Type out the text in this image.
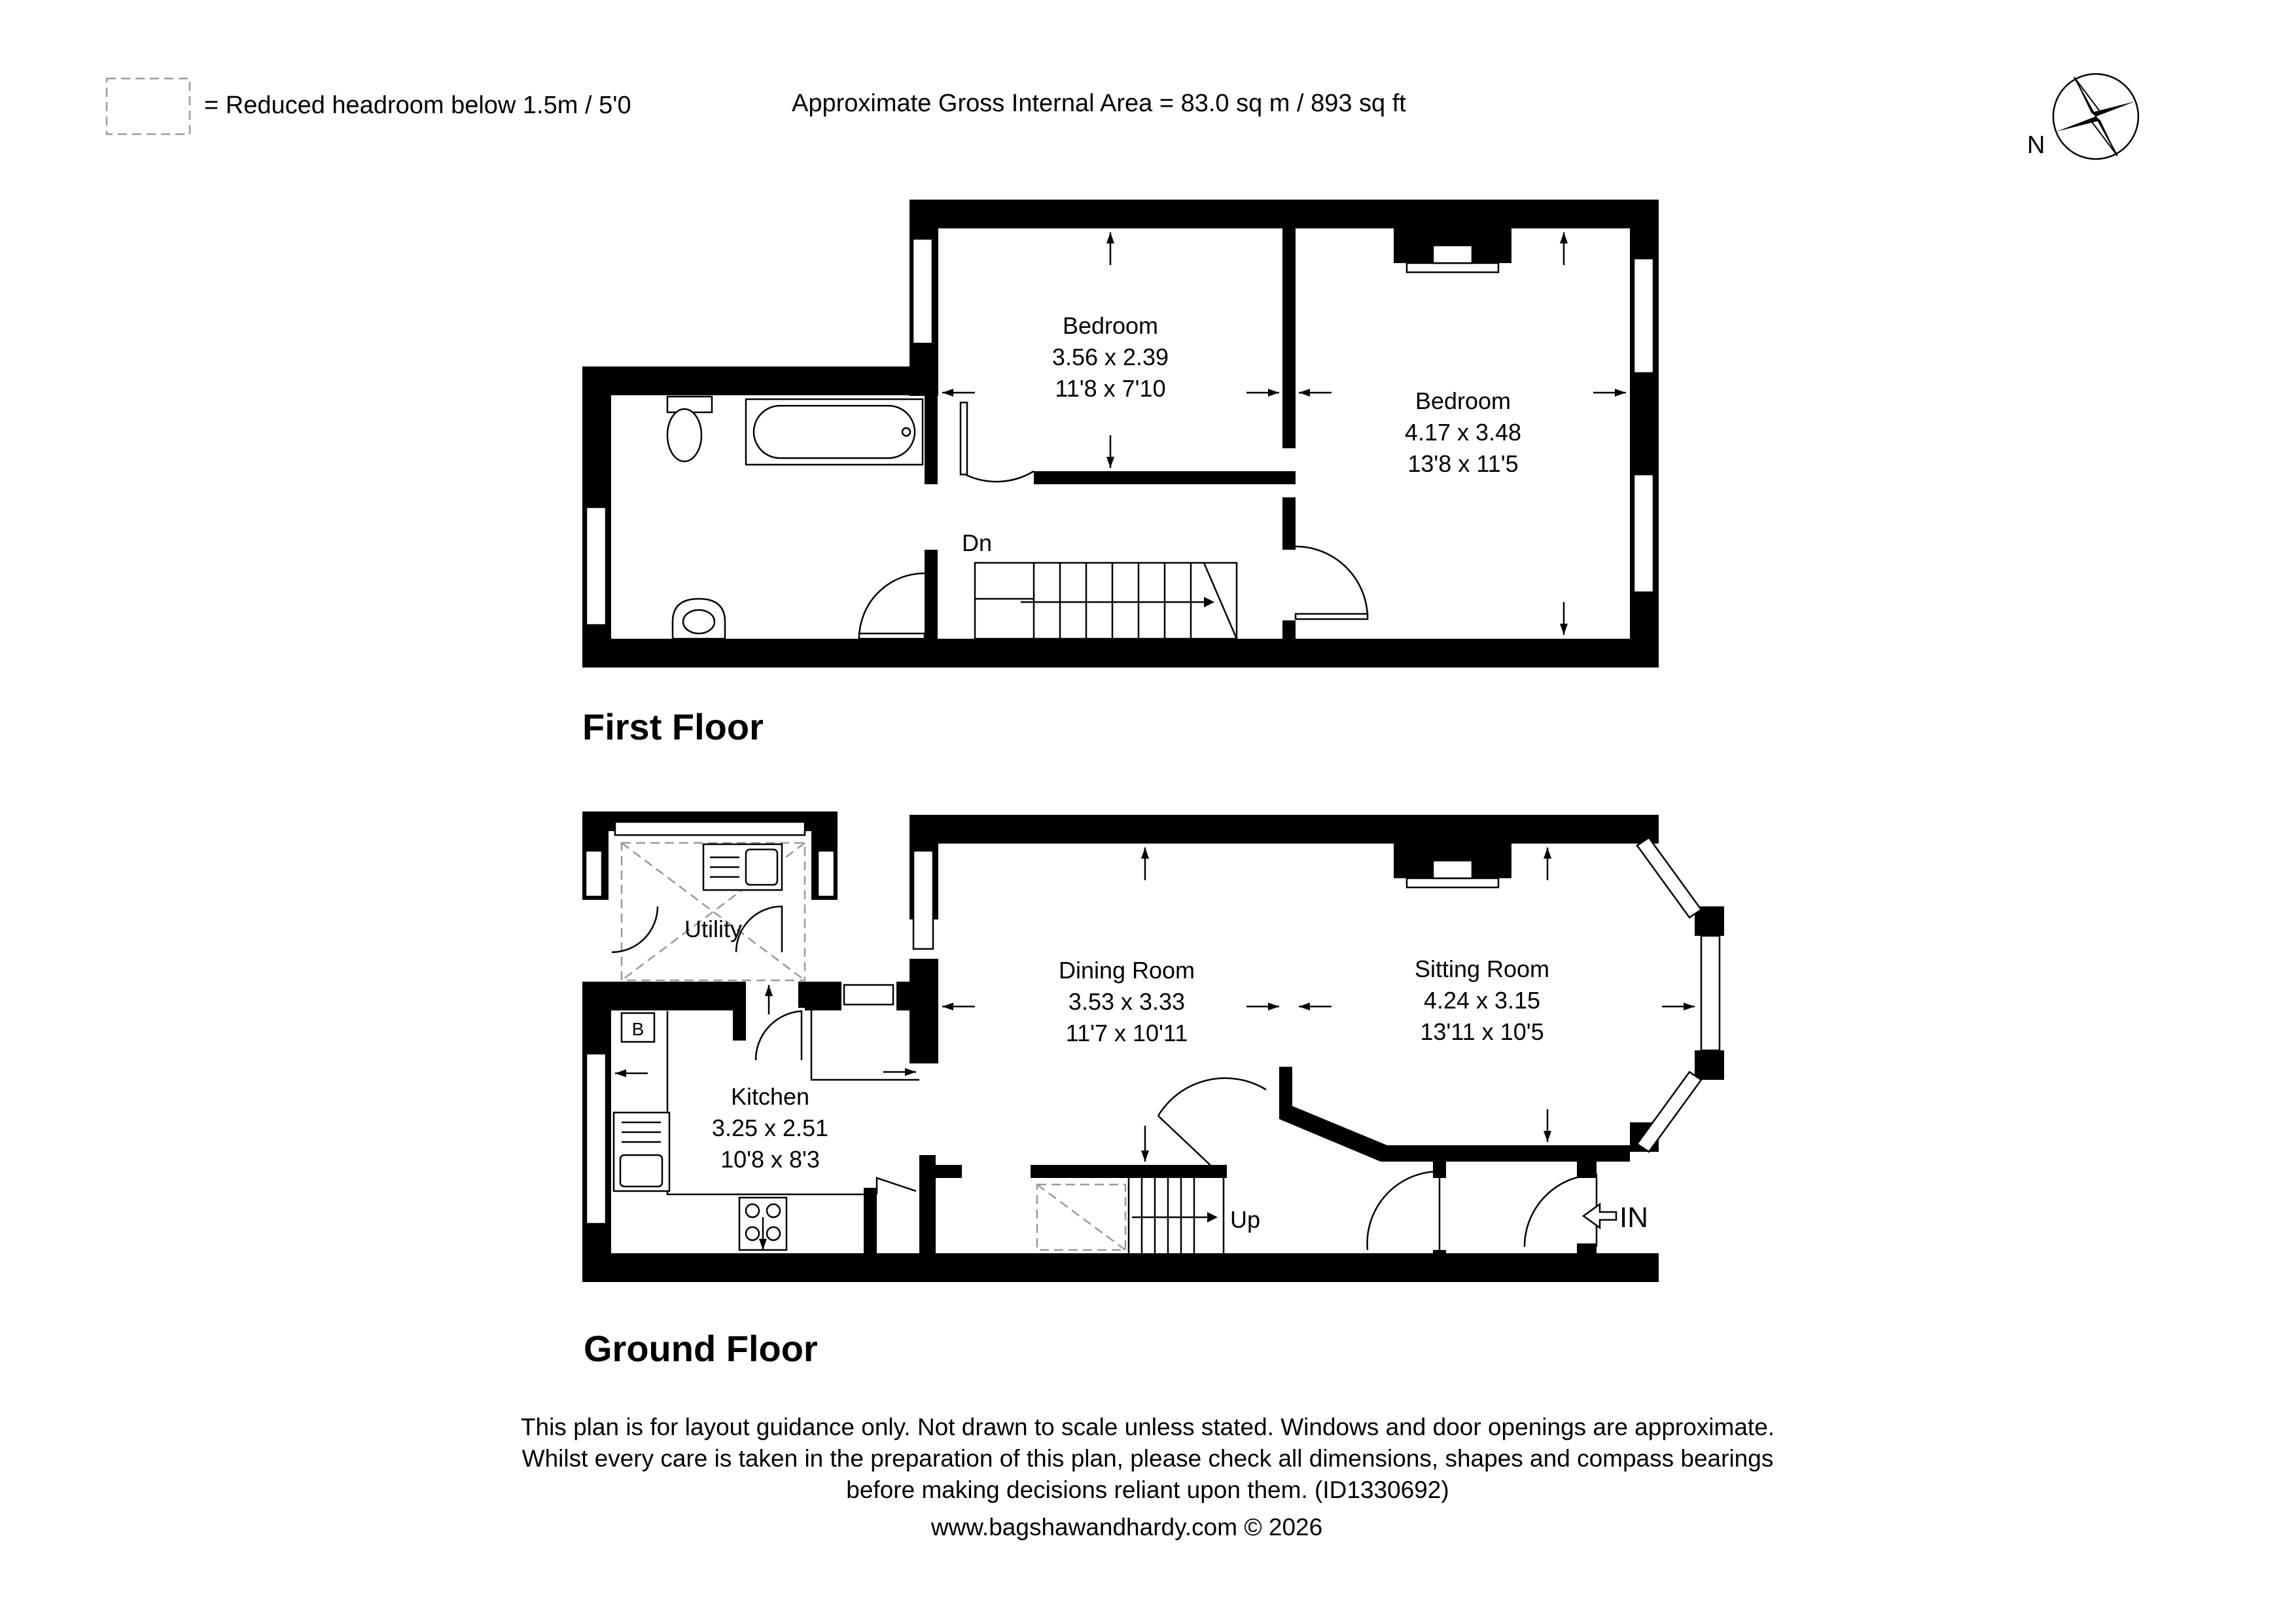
= Reduced headroom below 1.5m / 5'0	Approximate Gross Internal Area = 83.0 sq m / 893 sq ft
N
Bedroom
3.56 x 2.39
11'8 x 7'10	Bedroom
4.17 x 3.48
13'8 x 11'5
Dn
First Floor
B
Utility
Dining Room
3.53 x 3.33
11'7 x 10'11
Sitting Room
4.24 x 3.15
13'11 x 10'5
Kitchen
3.25 x 2.51
10'8 x 8'3
Up	IN
Ground Floor
This plan is for layout guidance only. Not drawn to scale unless stated. Windows and door openings are approximate.
Whilst every care is taken in the preparation of this plan, please check all dimensions, shapes and compass bearings
before making decisions reliant upon them. (ID1330692)
www.bagshawandhardy.com © 2026
